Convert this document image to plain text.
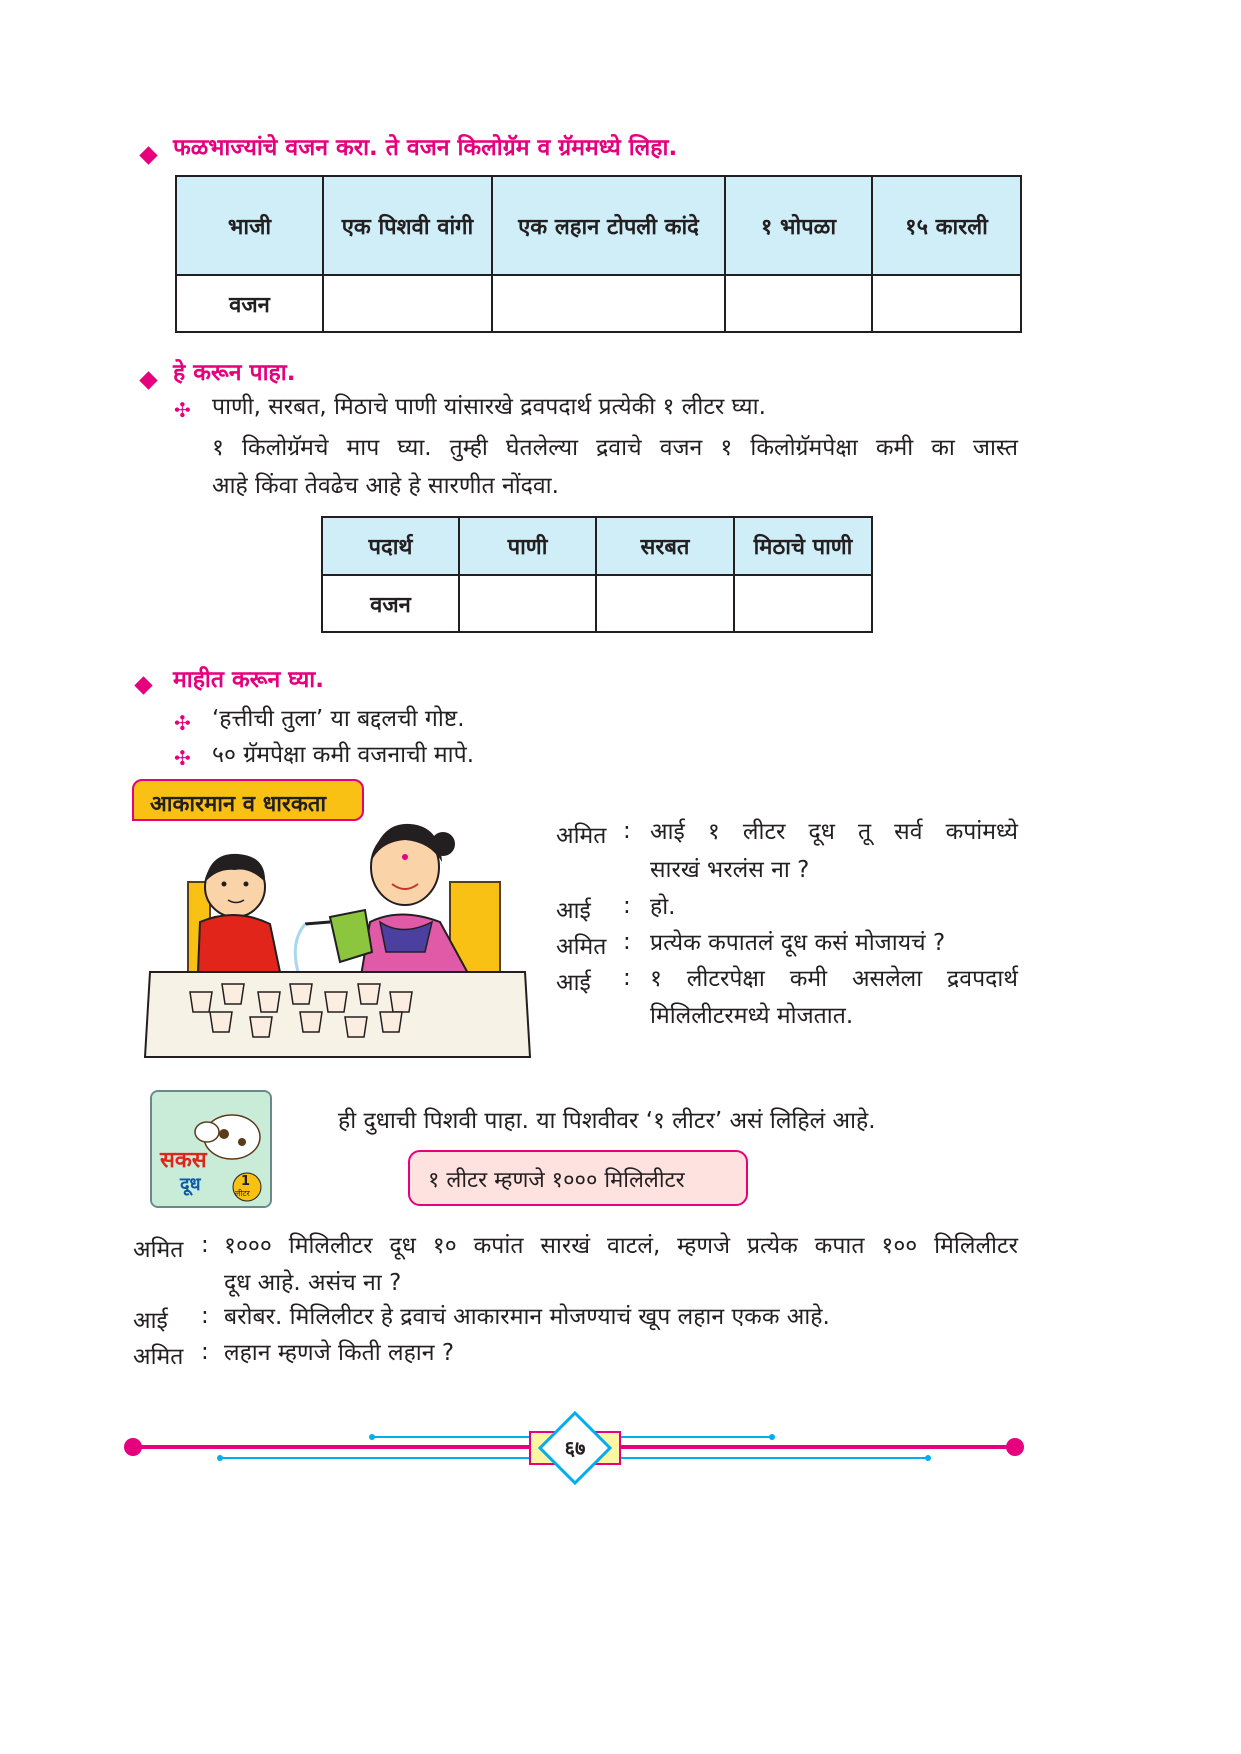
फळभाज्यांचे वजन करा. ते वजन किलोग्रॅम व ग्रॅममध्ये लिहा.
भाजी	एक पिशवी वांगी	एक लहान टोपली कांदे	१ भोपळा	१५ कारली
वजन				
हे करून पाहा.
✣ पाणी, सरबत, मिठाचे पाणी यांसारखे द्रवपदार्थ प्रत्येकी १ लीटर घ्या.
१ किलोग्रॅमचे माप घ्या. तुम्ही घेतलेल्या द्रवाचे वजन १ किलोग्रॅमपेक्षा कमी का जास्त
आहे किंवा तेवढेच आहे हे सारणीत नोंदवा.
पदार्थ	पाणी	सरबत	मिठाचे पाणी
वजन			
माहीत करून घ्या.
✣ ‘हत्तीची तुला’ या बद्दलची गोष्ट.
✣ ५० ग्रॅमपेक्षा कमी वजनाची मापे.
आकारमान व धारकता
अमित : आई १ लीटर दूध तू सर्व कपांमध्ये
सारखं भरलंस ना ?
आई : हो.
अमित : प्रत्येक कपातलं दूध कसं मोजायचं ?
आई : १ लीटरपेक्षा कमी असलेला द्रवपदार्थ
मिलिलीटरमध्ये मोजतात.
सकस
दूध	1
लीटर
ही दुधाची पिशवी पाहा. या पिशवीवर ‘१ लीटर’ असं लिहिलं आहे.
१ लीटर म्हणजे १००० मिलिलीटर
अमित : १००० मिलिलीटर दूध १० कपांत सारखं वाटलं, म्हणजे प्रत्येक कपात १०० मिलिलीटर
दूध आहे. असंच ना ?
आई : बरोबर. मिलिलीटर हे द्रवाचं आकारमान मोजण्याचं खूप लहान एकक आहे.
अमित : लहान म्हणजे किती लहान ?
६७
